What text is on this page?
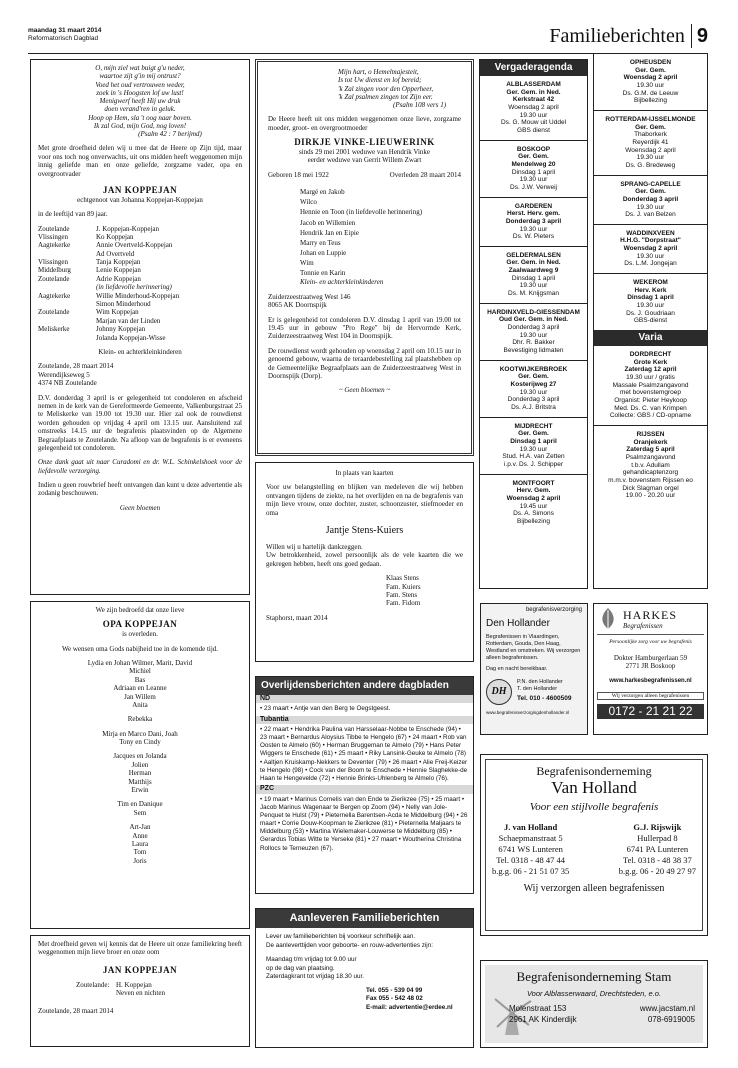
maandag 31 maart 2014
Reformatorisch Dagblad	Familieberichten 9
O, mijn ziel wat buigt g'u neder,
waartoe zijt g'in mij ontrust?
Voed het oud vertrouwen weder,
zoek in 's Hoogsten lof uw lust!
Menigwerf heeft Hij uw druk
doen verand'ren in geluk.
Hoop op Hem, sla 't oog naar boven.
Ik zal God, mijn God, nog loven!
(Psalm 42 : 7 berijmd)
Met grote droefheid delen wij u mee dat de Heere op Zijn tijd, maar voor ons toch nog onverwachts, uit ons midden heeft weggenomen mijn innig geliefde man en onze geliefde, zorgzame vader, opa en overgrootvader
JAN KOPPEJAN
echtgenoot van Johanna Koppejan-Koppejan
in de leeftijd van 89 jaar.
Zoutelande	J. Koppejan-Koppejan
Vlissingen	Ko Koppejan
Aagtekerke	Annie Overtveld-Koppejan
Ad Overtveld
Vlissingen	Tanja Koppejan
Middelburg	Lenie Koppejan
Zoutelande	Adrie Koppejan
(in liefdevolle herinnering)
Aagtekerke	Willie Minderhoud-Koppejan
Simon Minderhoud
Zoutelande	Wim Koppejan
Marjan van der Linden
Meliskerke	Johnny Koppejan
Jolanda Koppejan-Wisse
Klein- en achterkleinkinderen
Zoutelande, 28 maart 2014
Werendijkseweg 5
4374 NB Zoutelande
D.V. donderdag 3 april is er gelegenheid tot condoleren en afscheid nemen in de kerk van de Gereformeerde Gemeente, Valkenburgstraat 25 te Meliskerke van 19.00 tot 19.30 uur. Hier zal ook de rouwdienst worden gehouden op vrijdag 4 april om 13.15 uur. Aansluitend zal omstreeks 14.15 uur de begrafenis plaatsvinden op de Algemene Begraafplaats te Zoutelande. Na afloop van de begrafenis is er eveneens gelegenheid tot condoleren.
Onze dank gaat uit naar Curadomi en dr. W.L. Schinkelshoek voor de liefdevolle verzorging.
Indien u geen rouwbrief heeft ontvangen dan kunt u deze advertentie als zodanig beschouwen.
Geen bloemen
Mijn hart, o Hemelmajesteit,
Is tot Uw dienst en lof bereid;
'k Zal zingen voor den Opperheer,
'k Zal psalmen zingen tot Zijn eer.
(Psalm 108 vers 1)
De Heere heeft uit ons midden weggenomen onze lieve, zorgzame moeder, groot- en overgrootmoeder
DIRKJE VINKE-LIEUWERINK
sinds 29 mei 2001 weduwe van Hendrik Vinke
eerder weduwe van Gerrit Willem Zwart
Geboren 18 mei 1922	Overleden 28 maart 2014
Margé en Jakob
Wilco
Hennie en Toon (in liefdevolle herinnering)
Jacob en Willemien
Hendrik Jan en Eipie
Marry en Teus
Johan en Luppie
Wim
Tonnie en Karin
Klein- en achterkleinkinderen
Zuiderzeestraatweg West 146
8065 AK Doornspijk
Er is gelegenheid tot condoleren D.V. dinsdag 1 april van 19.00 tot 19.45 uur in gebouw "Pro Rege" bij de Hervormde Kerk, Zuiderzeestraatweg West 104 in Doornspijk.
De rouwdienst wordt gehouden op woensdag 2 april om 10.15 uur in genoemd gebouw, waarna de teraardebestelling zal plaatshebben op de Gemeentelijke Begraafplaats aan de Zuiderzeestraatweg West in Doornspijk (Dorp).
~ Geen bloemen ~
In plaats van kaarten
Voor uw belangstelling en blijken van medeleven die wij hebben ontvangen tijdens de ziekte, na het overlijden en na de begrafenis van mijn lieve vrouw, onze dochter, zuster, schoonzuster, stiefmoeder en oma
Jantje Stens-Kuiers
Willen wij u hartelijk dankzeggen.
Uw betrokkenheid, zowel persoonlijk als de vele kaarten die we gekregen hebben, heeft ons goed gedaan.
Klaas Stens
Fam. Kuiers
Fam. Stens
Fam. Fidom
Staphorst, maart 2014
We zijn bedroefd dat onze lieve
OPA KOPPEJAN
is overleden.
We wensen oma Gods nabijheid toe in de komende tijd.
Lydia en Johan Wilmer, Marit, David
Michiel
Bas
Adriaan en Leanne
Jan Willem
Anita
Rebekka
Mirja en Marco Dani, Joah
Tony en Cindy
Jacques en Jolanda
Jolien
Herman
Matthijs
Erwin
Tim en Danique
Sem
Art-Jan
Anne
Laura
Tom
Joris
Met droefheid geven wij kennis dat de Heere uit onze familiekring heeft weggenomen mijn lieve broer en onze oom
JAN KOPPEJAN
Zoutelande: H. Koppejan
Neven en nichten
Zoutelande, 28 maart 2014
Overlijdensberichten andere dagbladen
ND
• 23 maart • Antje van den Berg te Oegstgeest.
Tubantia
• 22 maart • Hendrika Paulina van Harsselaar-Nobbe te Enschede (94) • 23 maart • Bernardus Aloysius Tibbe te Hengelo (67) • 24 maart • Rob van Oosten te Almelo (60) • Herman Bruggeman te Almelo (79) • Hans Peter Wiggers te Enschede (61) • 25 maart • Riky Lansink-Geuke te Almelo (78) • Aaltjen Kruiskamp-Nekkers te Deventer (79) • 26 maart • Alie Freij-Keizer te Hengelo (98) • Cock van der Boom te Enschede • Hennie Slaghekke-de Haan te Hengevelde (72) • Hennie Brinks-Uhlenberg te Almelo (76).
PZC
• 19 maart • Marinus Cornelis van den Ende te Zierikzee (75) • 25 maart • Jacob Marinus Wagenaar te Bergen op Zoom (94) • Nelly van Jole-Penquet te Hulst (79) • Pieternella Barentsen-Acda te Middelburg (94) • 26 maart • Corrie Douw-Koopman te Zierikzee (81) • Pieternella Maljaars te Middelburg (53) • Martina Wielemaker-Louwerse te Middelburg (85) • Gerardus Tobias Witte te Yerseke (81) • 27 maart • Woutherina Christina Rollocs te Terneuzen (67).
Aanleveren Familieberichten
Lever uw familieberichten bij voorkeur schriftelijk aan.
De aanleverttijden voor geboorte- en rouw-advertenties zijn:
Maandag t/m vrijdag tot 9.00 uur
op de dag van plaatsing.
Zaterdagkrant tot vrijdag 18.30 uur.
Tel. 055 - 539 04 99
Fax 055 - 542 48 02
E-mail: advertentie@erdee.nl
Vergaderagenda
ALBLASSERDAM
Ger. Gem. in Ned.
Kerkstraat 42
Woensdag 2 april
19.30 uur
Ds. G. Mouw uit Uddel
GBS dienst
BOSKOOP
Ger. Gem.
Mendelweg 20
Dinsdag 1 april
19.30 uur
Ds. J.W. Verweij
GARDEREN
Herst. Herv. gem.
Donderdag 3 april
19.30 uur
Ds. W. Pieters
GELDERMALSEN
Ger. Gem. in Ned.
Zaalwaardweg 9
Dinsdag 1 april
19.30 uur
Ds. M. Knijgsman
HARDINXVELD-GIESSENDAM
Oud Ger. Gem. in Ned.
Donderdag 3 april
19.30 uur
Dhr. R. Bakker
Bevestiging lidmaten
KOOTWIJKERBROEK
Ger. Gem.
Kosterijweg 27
19.30 uur
Donderdag 3 april
Ds. A.J. Britstra
MIJDRECHT
Ger. Gem.
Dinsdag 1 april
19.30 uur
Stud. H.A. van Zetten
i.p.v. Ds. J. Schipper
MONTFOORT
Herv. Gem.
Woensdag 2 april
19.45 uur
Ds. A. Simons
Bijbellezing
OPHEUSDEN
Ger. Gem.
Woensdag 2 april
19.30 uur
Ds. G.M. de Leeuw
Bijbellezing
ROTTERDAM-IJSSELMONDE
Ger. Gem.
Thaborkerk
Reyerdijk 41
Woensdag 2 april
19.30 uur
Ds. G. Bredeweg
SPRANG-CAPELLE
Ger. Gem.
Donderdag 3 april
19.30 uur
Ds. J. van Belzen
WADDINXVEEN
H.H.G. "Dorpstraat"
Woensdag 2 april
19.30 uur
Ds. L.M. Jongejan
WEKEROM
Herv. Kerk
Dinsdag 1 april
19.30 uur
Ds. J. Goudriaan
GBS-dienst
Varia
DORDRECHT
Grote Kerk
Zaterdag 12 april
19.30 uur / gratis
Massale Psalmzangavond
met bovenstemgroep
Organist: Pieter Heykoop
Med. Ds. C. van Krimpen
Collecte: GBS / CD-opname
RIJSSEN
Oranjekerk
Zaterdag 5 april
Psalmzangavond
t.b.v. Adullam
gehandicaptenzorg
m.m.v. bovenstem Rijssen eo
Dick Slagman orgel
19.00 - 20.20 uur
begrafenisverzorging
Den Hollander
Begrafenissen in Vlaardingen, Rotterdam, Gouda, Den Haag, Westland en omstreken. Wij verzorgen alleen begrafenissen.
Dag en nacht bereikbaar.
DH
P.N. den Hollander
T. den Hollander
Tel. 010 - 4600509
www.begrafenisverzorgingdenhollander.nl
HARKES
Begrafenissen
Persoonlijke zorg voor uw begrafenis
Dokter Hamburgerlaan 59
2771 JR Boskoop
www.harkesbegrafenissen.nl
Wij verzorgen alleen begrafenissen
0172 - 21 21 22
Begrafenisonderneming
Van Holland
Voor een stijlvolle begrafenis
J. van Holland
Schaepmanstraat 5
6741 WS Lunteren
Tel. 0318 - 48 47 44
b.g.g. 06 - 21 51 07 35
G.J. Rijswijk
Hullerpad 8
6741 PA Lunteren
Tel. 0318 - 48 38 37
b.g.g. 06 - 20 49 27 97
Wij verzorgen alleen begrafenissen
Begrafenisonderneming Stam
Voor Alblasserwaard, Drechtsteden, e.o.
Molenstraat 153	www.jacstam.nl
2961 AK Kinderdijk	078-6919005
